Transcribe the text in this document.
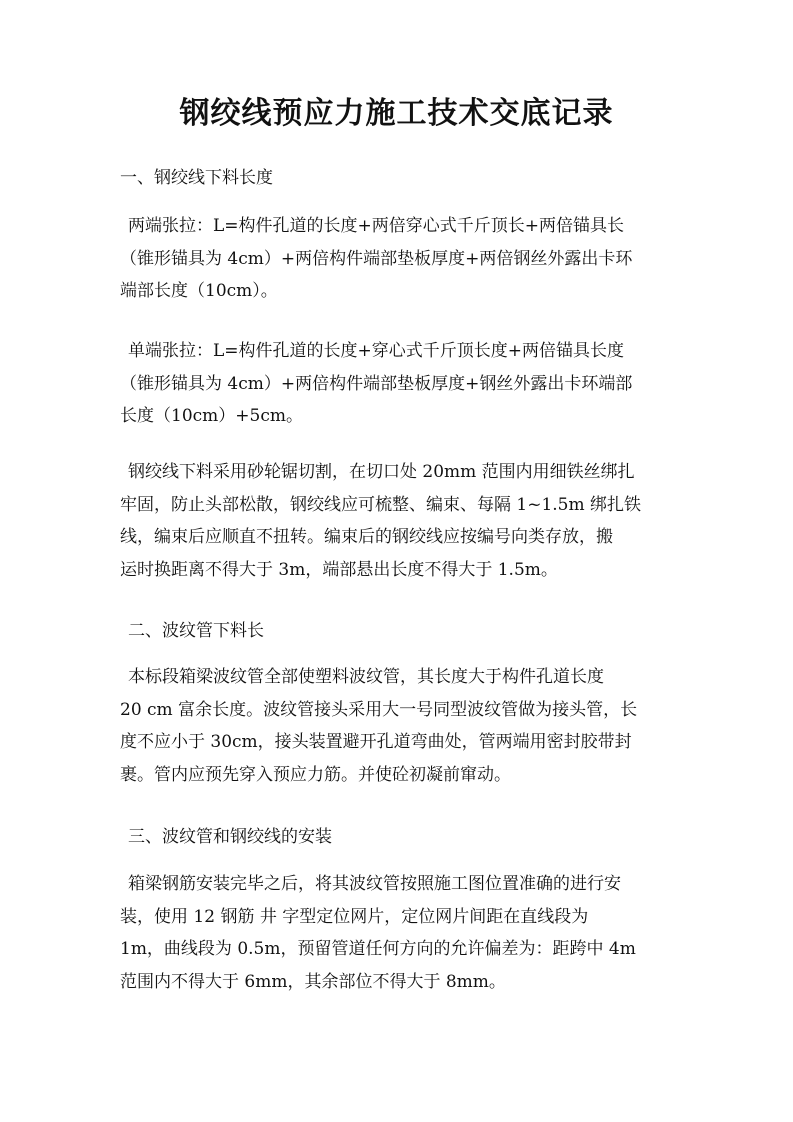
钢绞线预应力施工技术交底记录
一、钢绞线下料长度
两端张拉：L=构件孔道的长度+两倍穿心式千斤顶长+两倍锚具长
（锥形锚具为 4cm）+两倍构件端部垫板厚度+两倍钢丝外露出卡环
端部长度（10cm）。
单端张拉：L=构件孔道的长度+穿心式千斤顶长度+两倍锚具长度
（锥形锚具为 4cm）+两倍构件端部垫板厚度+钢丝外露出卡环端部
长度（10cm）+5cm。
钢绞线下料采用砂轮锯切割，在切口处 20mm 范围内用细铁丝绑扎
牢固，防止头部松散，钢绞线应可梳整、编束、每隔 1~1.5m 绑扎铁
线，编束后应顺直不扭转。编束后的钢绞线应按编号向类存放，搬
运时换距离不得大于 3m，端部悬出长度不得大于 1.5m。
二、波纹管下料长
本标段箱梁波纹管全部使塑料波纹管，其长度大于构件孔道长度
20 cm 富余长度。波纹管接头采用大一号同型波纹管做为接头管，长
度不应小于 30cm，接头装置避开孔道弯曲处，管两端用密封胶带封
裹。管内应预先穿入预应力筋。并使砼初凝前窜动。
三、波纹管和钢绞线的安装
箱梁钢筋安装完毕之后，将其波纹管按照施工图位置准确的进行安
装，使用 12 钢筋 井 字型定位网片，定位网片间距在直线段为
1m，曲线段为 0.5m，预留管道任何方向的允许偏差为：距跨中 4m
范围内不得大于 6mm，其余部位不得大于 8mm。
